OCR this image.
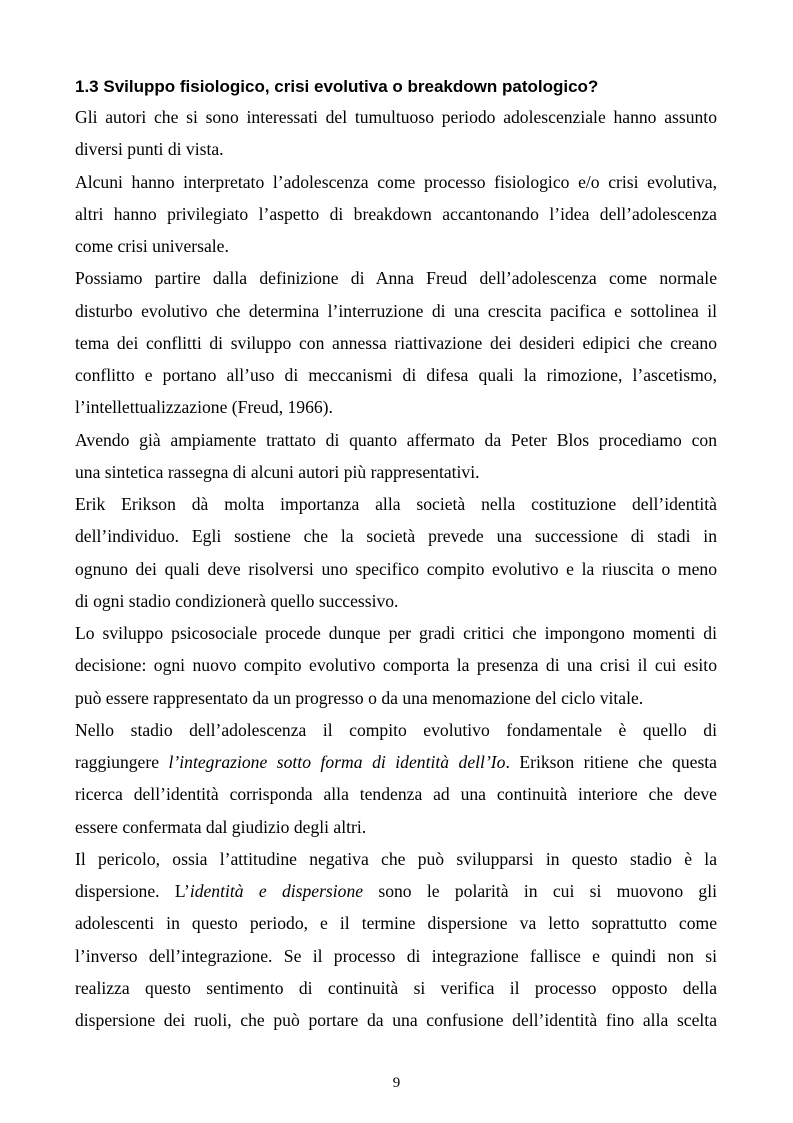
1.3 Sviluppo fisiologico, crisi evolutiva o breakdown patologico?
Gli autori che si sono interessati del tumultuoso periodo adolescenziale hanno assunto
diversi punti di vista.
Alcuni hanno interpretato l’adolescenza come processo fisiologico e/o crisi evolutiva,
altri hanno privilegiato l’aspetto di breakdown accantonando l’idea dell’adolescenza
come crisi universale.
Possiamo partire dalla definizione di Anna Freud dell’adolescenza come normale
disturbo evolutivo che determina l’interruzione di una crescita pacifica e sottolinea il
tema dei conflitti di sviluppo con annessa riattivazione dei desideri edipici che creano
conflitto e portano all’uso di meccanismi di difesa quali la rimozione, l’ascetismo,
l’intellettualizzazione (Freud, 1966).
Avendo già ampiamente trattato di quanto affermato da Peter Blos procediamo con
una sintetica rassegna di alcuni autori più rappresentativi.
Erik Erikson dà molta importanza alla società nella costituzione dell’identità
dell’individuo. Egli sostiene che la società prevede una successione di stadi in
ognuno dei quali deve risolversi uno specifico compito evolutivo e la riuscita o meno
di ogni stadio condizionerà quello successivo.
Lo sviluppo psicosociale procede dunque per gradi critici che impongono momenti di
decisione: ogni nuovo compito evolutivo comporta la presenza di una crisi il cui esito
può essere rappresentato da un progresso o da una menomazione del ciclo vitale.
Nello stadio dell’adolescenza il compito evolutivo fondamentale è quello di
raggiungere l’integrazione sotto forma di identità dell’Io. Erikson ritiene che questa
ricerca dell’identità corrisponda alla tendenza ad una continuità interiore che deve
essere confermata dal giudizio degli altri.
Il pericolo, ossia l’attitudine negativa che può svilupparsi in questo stadio è la
dispersione. L’identità e dispersione sono le polarità in cui si muovono gli
adolescenti in questo periodo, e il termine dispersione va letto soprattutto come
l’inverso dell’integrazione. Se il processo di integrazione fallisce e quindi non si
realizza questo sentimento di continuità si verifica il processo opposto della
dispersione dei ruoli, che può portare da una confusione dell’identità fino alla scelta
9
